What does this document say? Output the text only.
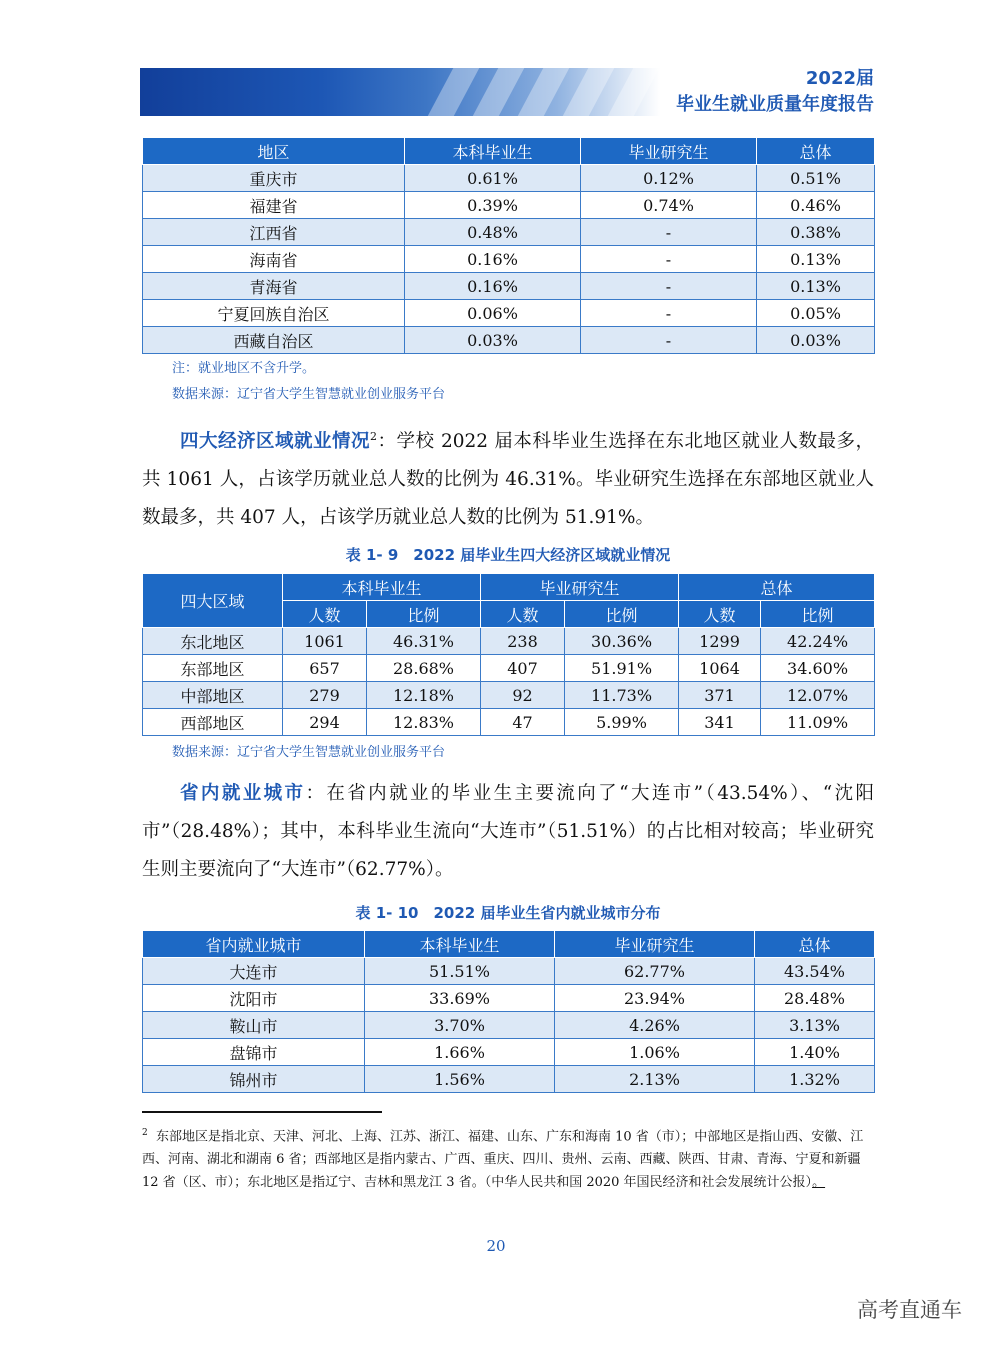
2022届
毕业生就业质量年度报告
地区	本科毕业生	毕业研究生	总体
重庆市	0.61%	0.12%	0.51%
福建省	0.39%	0.74%	0.46%
江西省	0.48%	-	0.38%
海南省	0.16%	-	0.13%
青海省	0.16%	-	0.13%
宁夏回族自治区	0.06%	-	0.05%
西藏自治区	0.03%	-	0.03%
注：就业地区不含升学。
数据来源：辽宁省大学生智慧就业创业服务平台
四大经济区域就业情况$^2$：学校 2022 届本科毕业生选择在东北地区就业人数最多，共 1061 人，占该学历就业总人数的比例为 46.31%。毕业研究生选择在东部地区就业人数最多，共 407 人，占该学历就业总人数的比例为 51.91%。
表 1- 9　2022 届毕业生四大经济区域就业情况
四大区域	本科毕业生		毕业研究生		总体	
	人数	比例	人数	比例	人数	比例
东北地区	1061	46.31%	238	30.36%	1299	42.24%
东部地区	657	28.68%	407	51.91%	1064	34.60%
中部地区	279	12.18%	92	11.73%	371	12.07%
西部地区	294	12.83%	47	5.99%	341	11.09%
数据来源：辽宁省大学生智慧就业创业服务平台
省内就业城市：在省内就业的毕业生主要流向了“大连市”（43.54%）、“沈阳市”（28.48%）；其中，本科毕业生流向“大连市”（51.51%）的占比相对较高；毕业研究生则主要流向了“大连市”（62.77%）。
表 1- 10　2022 届毕业生省内就业城市分布
省内就业城市	本科毕业生	毕业研究生	总体
大连市	51.51%	62.77%	43.54%
沈阳市	33.69%	23.94%	28.48%
鞍山市	3.70%	4.26%	3.13%
盘锦市	1.66%	1.06%	1.40%
锦州市	1.56%	2.13%	1.32%
$^2$ 东部地区是指北京、天津、河北、上海、江苏、浙江、福建、山东、广东和海南 10 省（市）；中部地区是指山西、安徽、江西、河南、湖北和湖南 6 省；西部地区是指内蒙古、广西、重庆、四川、贵州、云南、西藏、陕西、甘肃、青海、宁夏和新疆 12 省（区、市）；东北地区是指辽宁、吉林和黑龙江 3 省。（中华人民共和国 2020 年国民经济和社会发展统计公报）。
20
高考直通车
